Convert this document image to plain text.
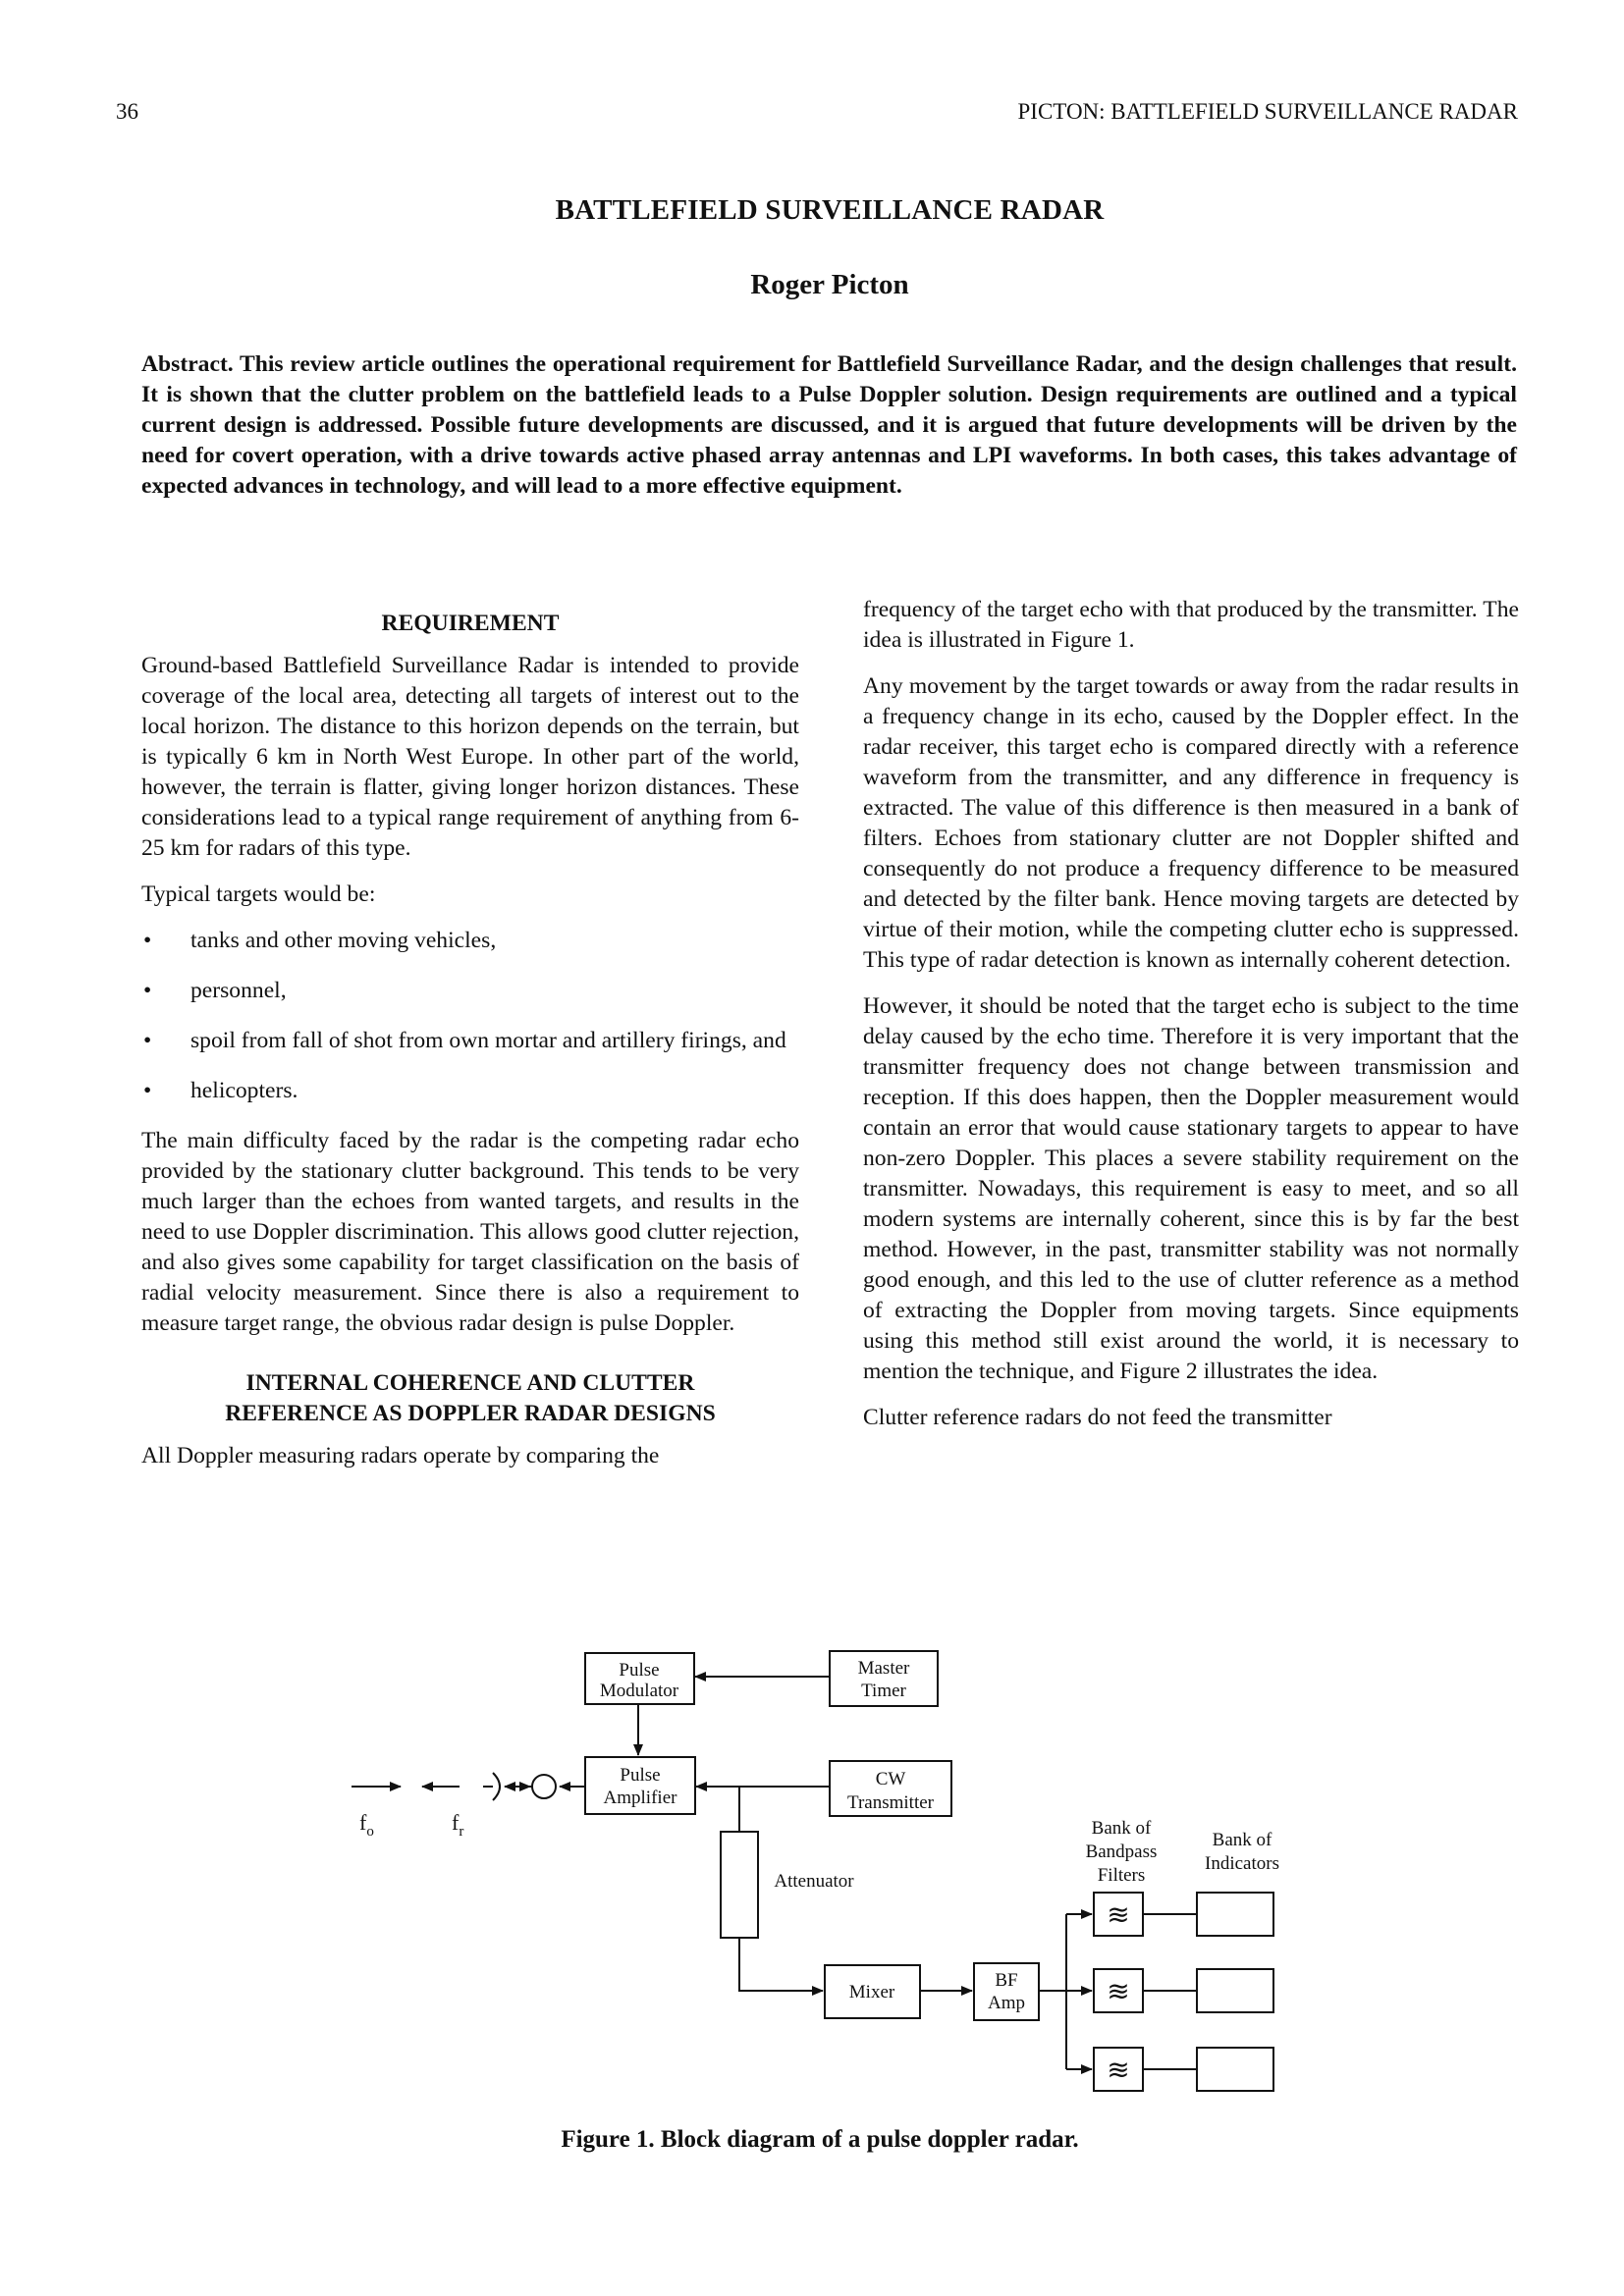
36	PICTON: BATTLEFIELD SURVEILLANCE RADAR
BATTLEFIELD SURVEILLANCE RADAR
Roger Picton

Abstract. This review article outlines the operational requirement for Battlefield Surveillance Radar, and the design challenges that result. It is shown that the clutter problem on the battlefield leads to a Pulse Doppler solution. Design requirements are outlined and a typical current design is addressed. Possible future developments are discussed, and it is argued that future developments will be driven by the need for covert operation, with a drive towards active phased array antennas and LPI waveforms. In both cases, this takes advantage of expected advances in technology, and will lead to a more effective equipment.

REQUIREMENT

Ground-based Battlefield Surveillance Radar is intended to provide coverage of the local area, detecting all targets of interest out to the local horizon. The distance to this horizon depends on the terrain, but is typically 6 km in North West Europe. In other part of the world, however, the terrain is flatter, giving longer horizon distances. These considerations lead to a typical range requirement of anything from 6-25 km for radars of this type.

Typical targets would be:

• tanks and other moving vehicles,
• personnel,
• spoil from fall of shot from own mortar and artillery firings, and
• helicopters.

The main difficulty faced by the radar is the competing radar echo provided by the stationary clutter background. This tends to be very much larger than the echoes from wanted targets, and results in the need to use Doppler discrimination. This allows good clutter rejection, and also gives some capability for target classification on the basis of radial velocity measurement. Since there is also a requirement to measure target range, the obvious radar design is pulse Doppler.

INTERNAL COHERENCE AND CLUTTER
REFERENCE AS DOPPLER RADAR DESIGNS

All Doppler measuring radars operate by comparing the

frequency of the target echo with that produced by the transmitter. The idea is illustrated in Figure 1.

Any movement by the target towards or away from the radar results in a frequency change in its echo, caused by the Doppler effect. In the radar receiver, this target echo is compared directly with a reference waveform from the transmitter, and any difference in frequency is extracted. The value of this difference is then measured in a bank of filters. Echoes from stationary clutter are not Doppler shifted and consequently do not produce a frequency difference to be measured and detected by the filter bank. Hence moving targets are detected by virtue of their motion, while the competing clutter echo is suppressed. This type of radar detection is known as internally coherent detection.

However, it should be noted that the target echo is subject to the time delay caused by the echo time. Therefore it is very important that the transmitter frequency does not change between transmission and reception. If this does happen, then the Doppler measurement would contain an error that would cause stationary targets to appear to have non-zero Doppler. This places a severe stability requirement on the transmitter. Nowadays, this requirement is easy to meet, and so all modern systems are internally coherent, since this is by far the best method. However, in the past, transmitter stability was not normally good enough, and this led to the use of clutter reference as a method of extracting the Doppler from moving targets. Since equipments using this method still exist around the world, it is necessary to mention the technique, and Figure 2 illustrates the idea.

Clutter reference radars do not feed the transmitter

Pulse
Modulator
Master
Timer
Pulse
Amplifier
CW
Transmitter
Attenuator
Mixer
BF
Amp
Bank of
Bandpass
Filters
Bank of
Indicators
≋
≋
≋
$f_o$	$f_r$
Figure 1. Block diagram of a pulse doppler radar.
